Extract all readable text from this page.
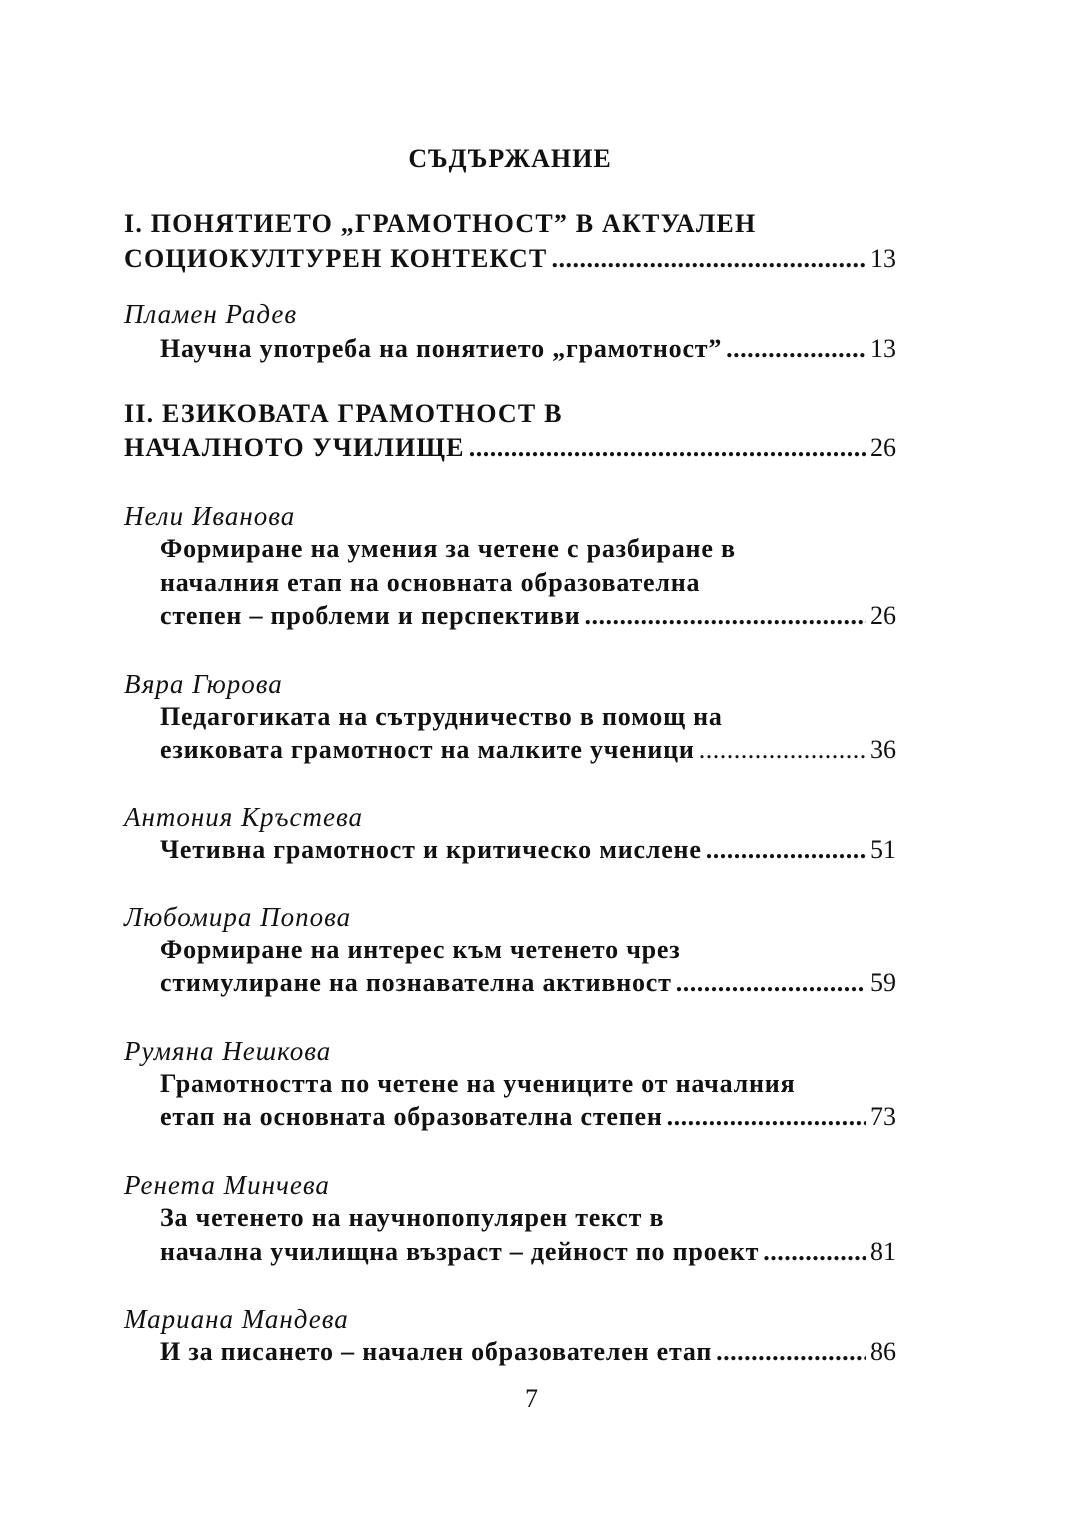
СЪДЪРЖАНИЕ
I. ПОНЯТИЕТО „ГРАМОТНОСТ” В АКТУАЛЕН
СОЦИОКУЛТУРЕН КОНТЕКСТ . . .	13
Пламен Радев
Научна употреба на понятието „грамотност” . . .	13
II. ЕЗИКОВАТА ГРАМОТНОСТ В
НАЧАЛНОТО УЧИЛИЩЕ . . .	26
Нели Иванова
Формиране на умения за четене с разбиране в
началния етап на основната образователна
степен – проблеми и перспективи . . .	26
Вяра Гюрова
Педагогиката на сътрудничество в помощ на
езиковата грамотност на малките ученици . . .	36
Антония Кръстева
Четивна грамотност и критическо мислене . . .	51
Любомира Попова
Формиране на интерес към четенето чрез
стимулиране на познавателна активност . . .	59
Румяна Нешкова
Грамотността по четене на учениците от началния
етап на основната образователна степен . . .	73
Ренета Минчева
За четенето на научнопопулярен текст в
начална училищна възраст – дейност по проект . . .	81
Мариана Мандева
И за писането – начален образователен етап . . .	86
7
